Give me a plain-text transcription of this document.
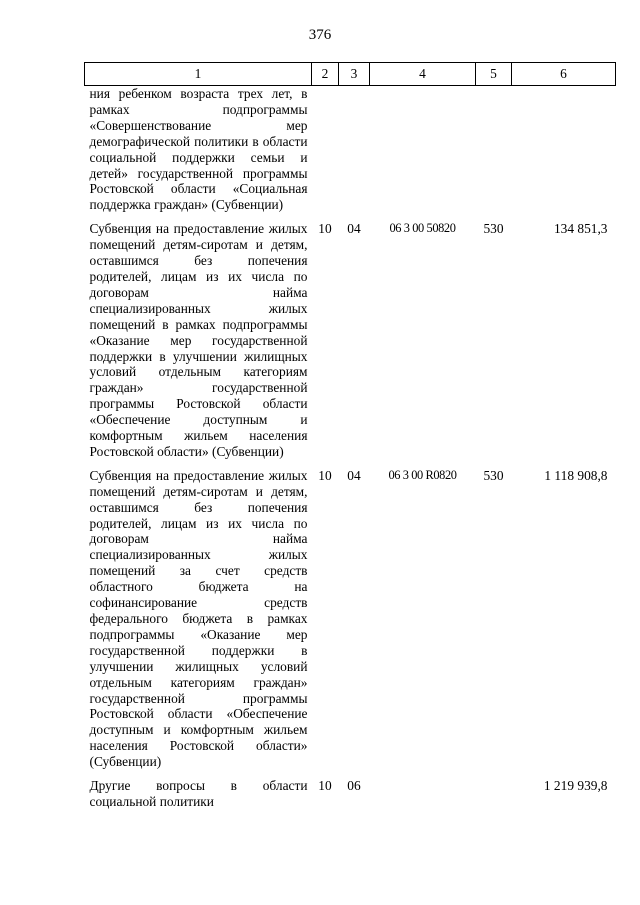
376
1	2	3	4	5	6

ния ребенком возраста трех лет, в рамках подпрограммы «Совершенствование мер демографической политики в области социальной поддержки семьи и детей» государственной программы Ростовской области «Социальная поддержка граждан» (Субвенции)					

Субвенция на предоставление жилых помещений детям-сиротам и детям, оставшимся без попечения родителей, лицам из их числа по договорам найма специализированных жилых помещений в рамках подпрограммы «Оказание мер государственной поддержки в улучшении жилищных условий отдельным категориям граждан» государственной программы Ростовской области «Обеспечение доступным и комфортным жильем населения Ростовской области» (Субвенции)	10	04	06 3 00 50820	530	134 851,3

Субвенция на предоставление жилых помещений детям-сиротам и детям, оставшимся без попечения родителей, лицам из их числа по договорам найма специализированных жилых помещений за счет средств областного бюджета на софинансирование средств федерального бюджета в рамках подпрограммы «Оказание мер государственной поддержки в улучшении жилищных условий отдельным категориям граждан» государственной программы Ростовской области «Обеспечение доступным и комфортным жильем населения Ростовской области» (Субвенции)	10	04	06 3 00 R0820	530	1 118 908,8

Другие вопросы в области социальной политики	10	06			1 219 939,8
